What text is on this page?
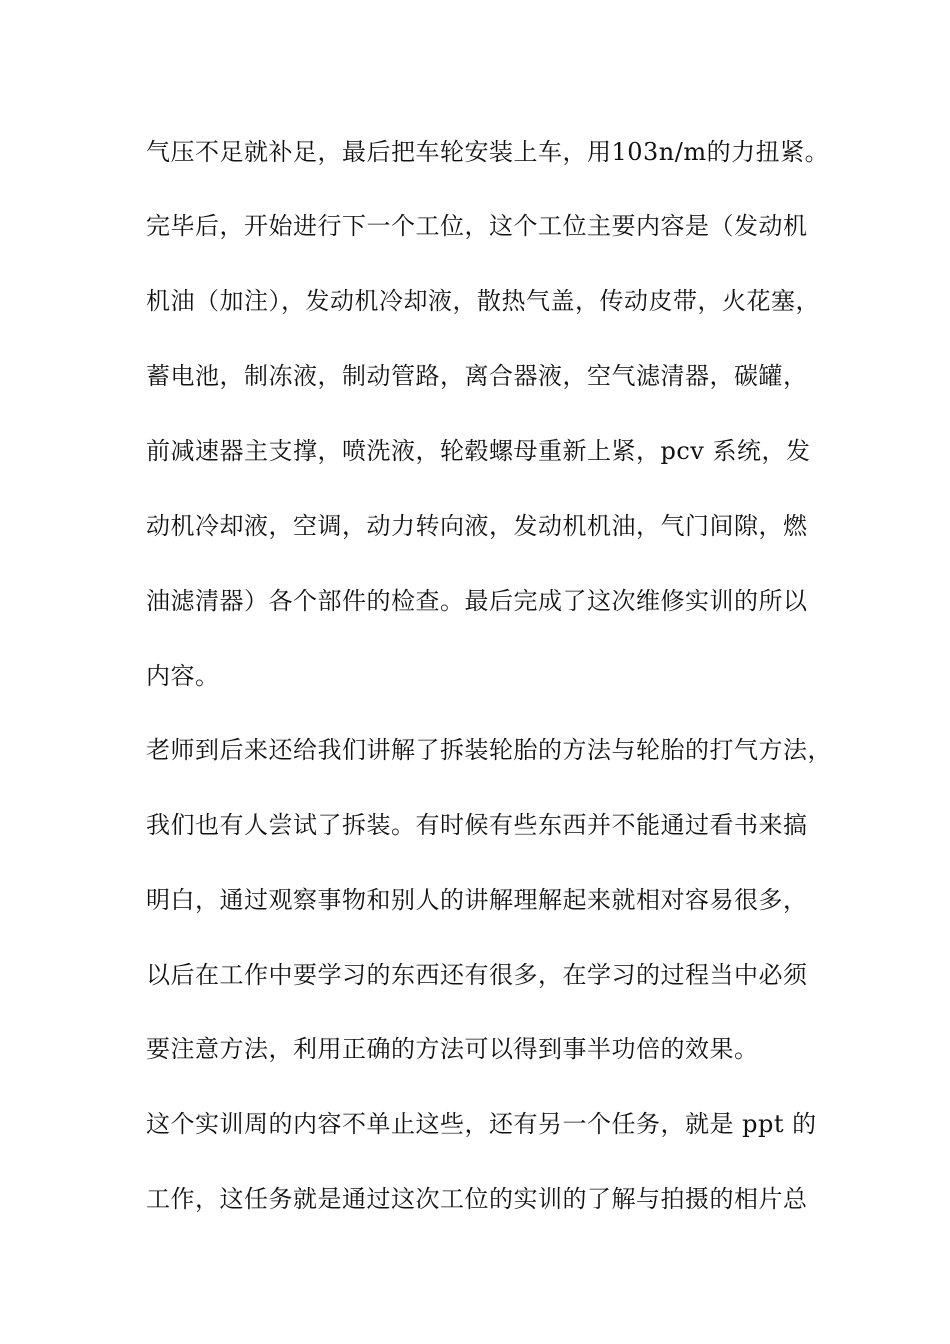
气压不足就补足，最后把车轮安装上车，用103n/m的力扭紧。
完毕后，开始进行下一个工位，这个工位主要内容是（发动机
机油（加注），发动机冷却液，散热气盖，传动皮带，火花塞，
蓄电池，制冻液，制动管路，离合器液，空气滤清器，碳罐，
前减速器主支撑，喷洗液，轮毂螺母重新上紧，pcv 系统，发
动机冷却液，空调，动力转向液，发动机机油，气门间隙，燃
油滤清器）各个部件的检查。最后完成了这次维修实训的所以
内容。
老师到后来还给我们讲解了拆装轮胎的方法与轮胎的打气方法，
我们也有人尝试了拆装。有时候有些东西并不能通过看书来搞
明白，通过观察事物和别人的讲解理解起来就相对容易很多，
以后在工作中要学习的东西还有很多，在学习的过程当中必须
要注意方法，利用正确的方法可以得到事半功倍的效果。
这个实训周的内容不单止这些，还有另一个任务，就是 ppt 的
工作，这任务就是通过这次工位的实训的了解与拍摄的相片总
